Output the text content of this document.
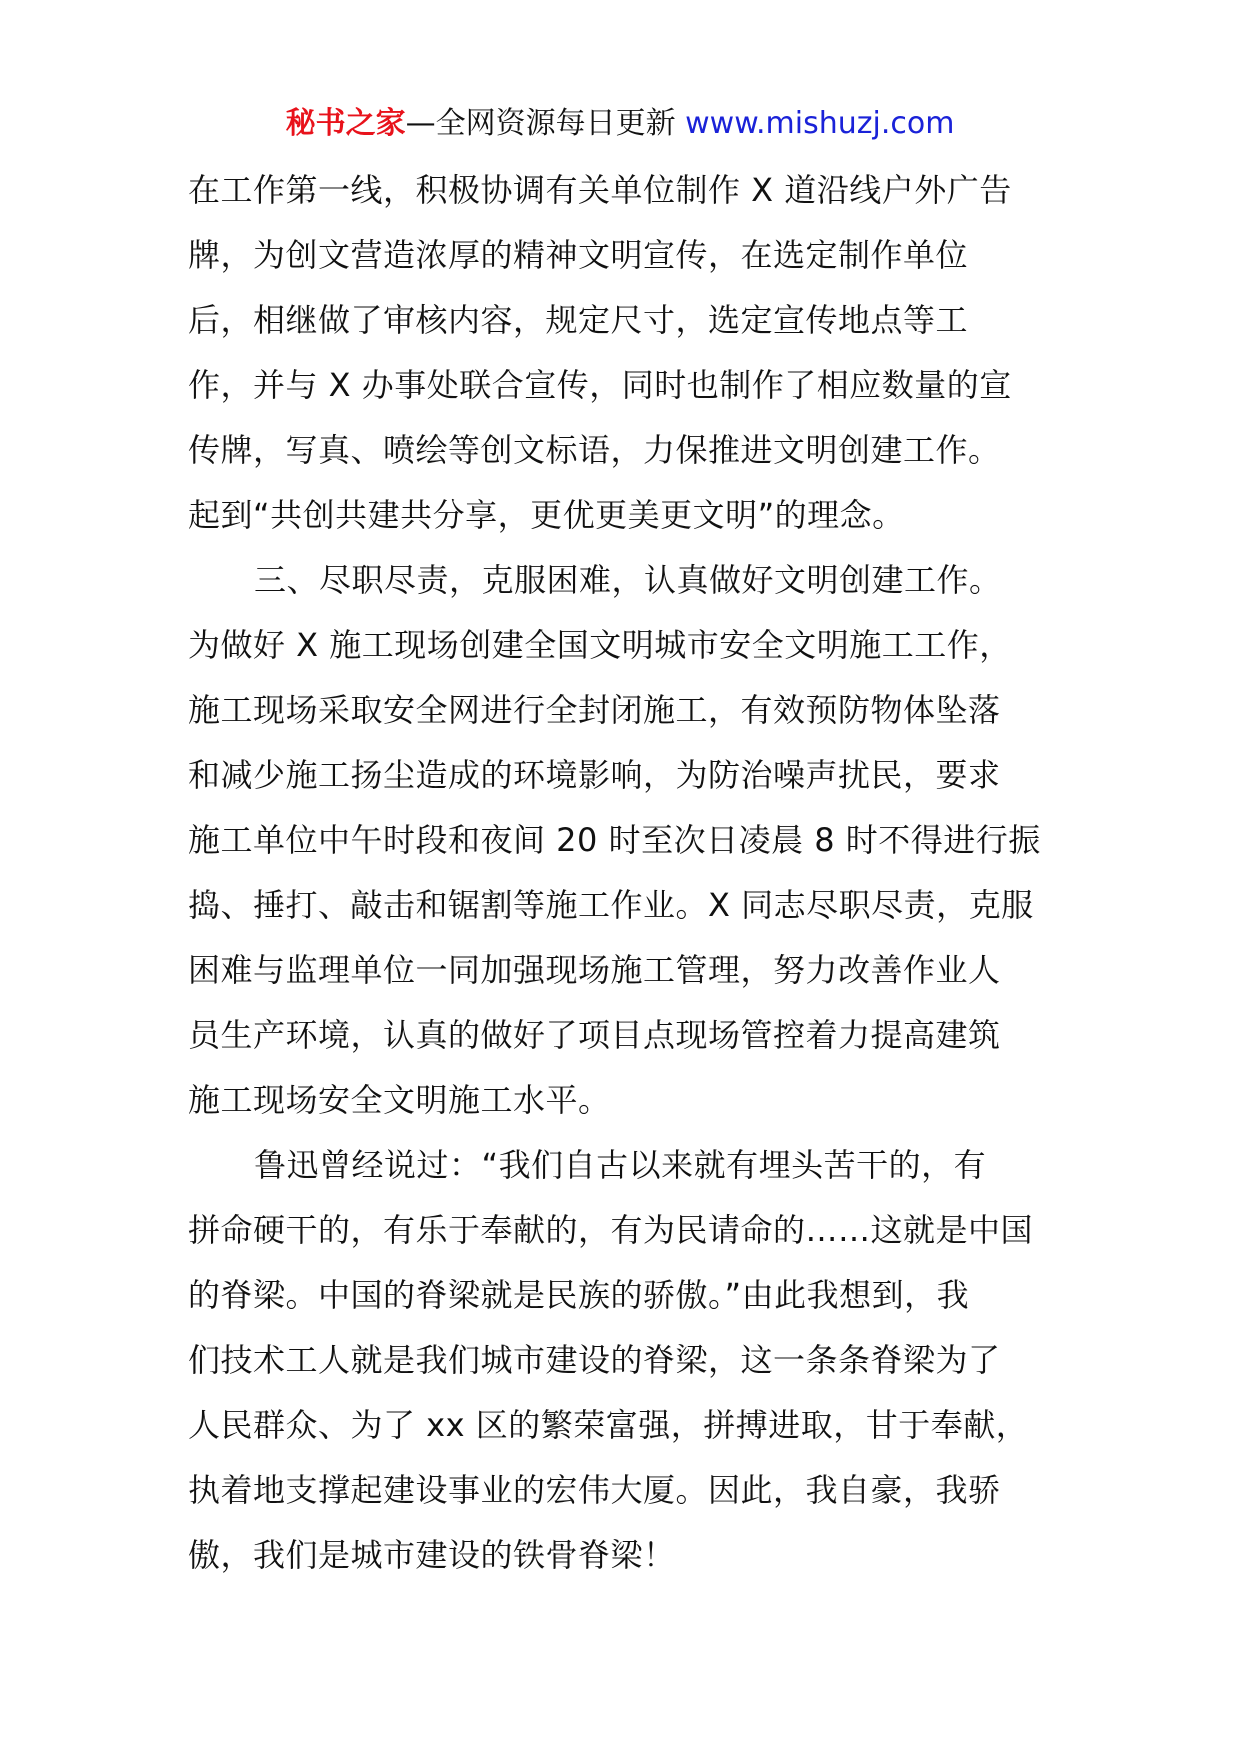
秘书之家—全网资源每日更新 www.mishuzj.com
在工作第一线，积极协调有关单位制作 X 道沿线户外广告
牌，为创文营造浓厚的精神文明宣传，在选定制作单位
后，相继做了审核内容，规定尺寸，选定宣传地点等工
作，并与 X 办事处联合宣传，同时也制作了相应数量的宣
传牌，写真、喷绘等创文标语，力保推进文明创建工作。
起到“共创共建共分享，更优更美更文明”的理念。
三、尽职尽责，克服困难，认真做好文明创建工作。
为做好 X 施工现场创建全国文明城市安全文明施工工作，
施工现场采取安全网进行全封闭施工，有效预防物体坠落
和减少施工扬尘造成的环境影响，为防治噪声扰民，要求
施工单位中午时段和夜间 20 时至次日凌晨 8 时不得进行振
捣、捶打、敲击和锯割等施工作业。X 同志尽职尽责，克服
困难与监理单位一同加强现场施工管理，努力改善作业人
员生产环境，认真的做好了项目点现场管控着力提高建筑
施工现场安全文明施工水平。
鲁迅曾经说过：“我们自古以来就有埋头苦干的，有
拼命硬干的，有乐于奉献的，有为民请命的……这就是中国
的脊梁。中国的脊梁就是民族的骄傲。”由此我想到，我
们技术工人就是我们城市建设的脊梁，这一条条脊梁为了
人民群众、为了 xx 区的繁荣富强，拼搏进取，甘于奉献，
执着地支撑起建设事业的宏伟大厦。因此，我自豪，我骄
傲，我们是城市建设的铁骨脊梁！
